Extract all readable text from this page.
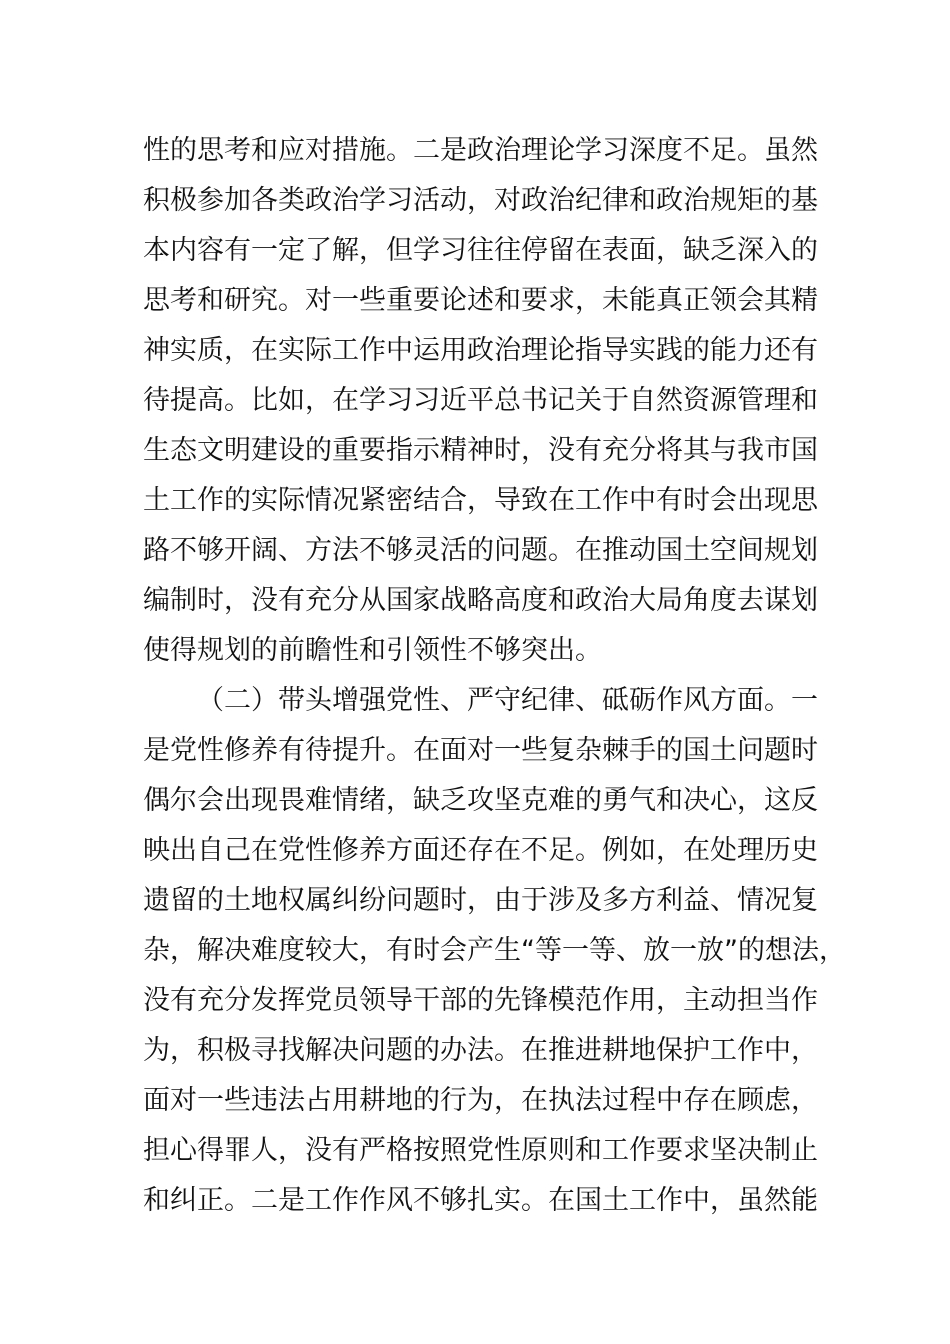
性的思考和应对措施。二是政治理论学习深度不足。虽然
积极参加各类政治学习活动，对政治纪律和政治规矩的基
本内容有一定了解，但学习往往停留在表面，缺乏深入的
思考和研究。对一些重要论述和要求，未能真正领会其精
神实质，在实际工作中运用政治理论指导实践的能力还有
待提高。比如，在学习习近平总书记关于自然资源管理和
生态文明建设的重要指示精神时，没有充分将其与我市国
土工作的实际情况紧密结合，导致在工作中有时会出现思
路不够开阔、方法不够灵活的问题。在推动国土空间规划
编制时，没有充分从国家战略高度和政治大局角度去谋划
使得规划的前瞻性和引领性不够突出。
（二）带头增强党性、严守纪律、砥砺作风方面。一
是党性修养有待提升。在面对一些复杂棘手的国土问题时
偶尔会出现畏难情绪，缺乏攻坚克难的勇气和决心，这反
映出自己在党性修养方面还存在不足。例如，在处理历史
遗留的土地权属纠纷问题时，由于涉及多方利益、情况复
杂，解决难度较大，有时会产生“等一等、放一放”的想法，
没有充分发挥党员领导干部的先锋模范作用，主动担当作
为，积极寻找解决问题的办法。在推进耕地保护工作中，
面对一些违法占用耕地的行为，在执法过程中存在顾虑，
担心得罪人，没有严格按照党性原则和工作要求坚决制止
和纠正。二是工作作风不够扎实。在国土工作中，虽然能
